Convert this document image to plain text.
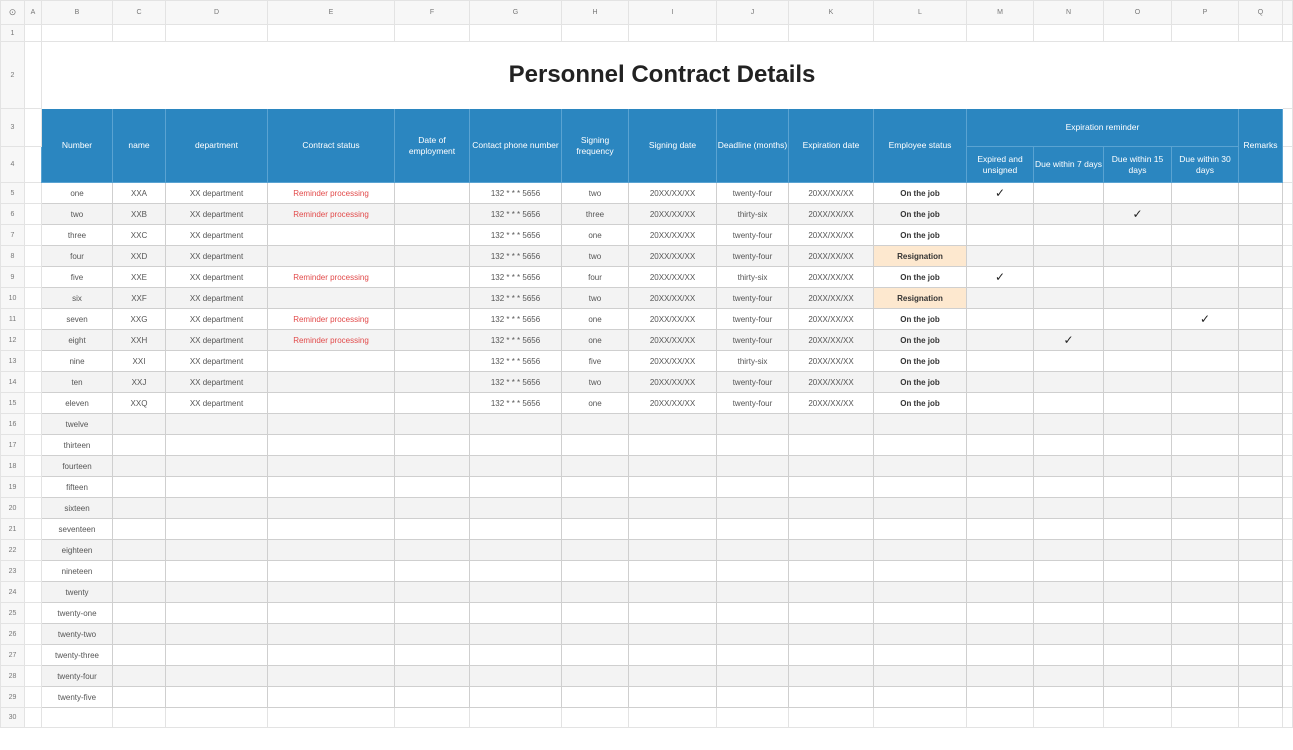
⊙	A	B	C	D	E	F	G	H	I	J	K	L	M	N	O	P	Q	
1																		
2		Personnel Contract Details																
3		Number	name	department	Contract status	Date of employment	Contact phone number	Signing frequency	Signing date	Deadline (months)	Expiration date	Employee status	Expiration reminder				Remarks	
4													Expired and unsigned	Due within 7 days	Due within 15 days	Due within 30 days		
5		one	XXA	XX department	Reminder processing		132 * * * 5656	two	20XX/XX/XX	twenty-four	20XX/XX/XX	On the job	✓					
6		two	XXB	XX department	Reminder processing		132 * * * 5656	three	20XX/XX/XX	thirty-six	20XX/XX/XX	On the job			✓			
7		three	XXC	XX department			132 * * * 5656	one	20XX/XX/XX	twenty-four	20XX/XX/XX	On the job						
8		four	XXD	XX department			132 * * * 5656	two	20XX/XX/XX	twenty-four	20XX/XX/XX	Resignation						
9		five	XXE	XX department	Reminder processing		132 * * * 5656	four	20XX/XX/XX	thirty-six	20XX/XX/XX	On the job	✓					
10		six	XXF	XX department			132 * * * 5656	two	20XX/XX/XX	twenty-four	20XX/XX/XX	Resignation						
11		seven	XXG	XX department	Reminder processing		132 * * * 5656	one	20XX/XX/XX	twenty-four	20XX/XX/XX	On the job				✓		
12		eight	XXH	XX department	Reminder processing		132 * * * 5656	one	20XX/XX/XX	twenty-four	20XX/XX/XX	On the job		✓				
13		nine	XXI	XX department			132 * * * 5656	five	20XX/XX/XX	thirty-six	20XX/XX/XX	On the job						
14		ten	XXJ	XX department			132 * * * 5656	two	20XX/XX/XX	twenty-four	20XX/XX/XX	On the job						
15		eleven	XXQ	XX department			132 * * * 5656	one	20XX/XX/XX	twenty-four	20XX/XX/XX	On the job						
16		twelve																
17		thirteen																
18		fourteen																
19		fifteen																
20		sixteen																
21		seventeen																
22		eighteen																
23		nineteen																
24		twenty																
25		twenty-one																
26		twenty-two																
27		twenty-three																
28		twenty-four																
29		twenty-five																
30																		
